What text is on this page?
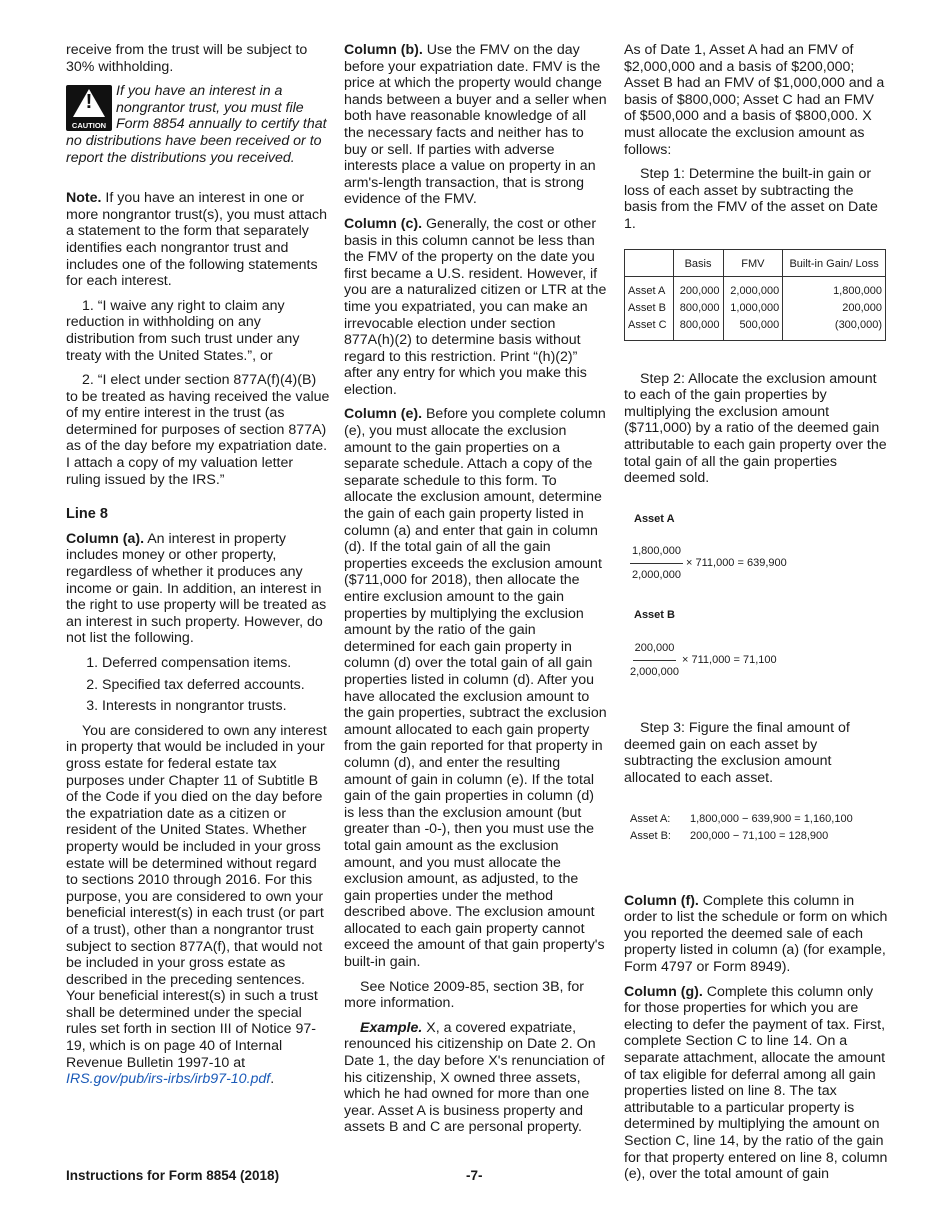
receive from the trust will be subject to 30% withholding.

!
CAUTION
If you have an interest in a nongrantor trust, you must file Form 8854 annually to certify that no distributions have been received or to report the distributions you received.

Note. If you have an interest in one or more nongrantor trust(s), you must attach a statement to the form that separately identifies each nongrantor trust and includes one of the following statements for each interest.

1. “I waive any right to claim any reduction in withholding on any distribution from such trust under any treaty with the United States.”, or

2. “I elect under section 877A(f)(4)(B) to be treated as having received the value of my entire interest in the trust (as determined for purposes of section 877A) as of the day before my expatriation date. I attach a copy of my valuation letter ruling issued by the IRS.”

Line 8

Column (a). An interest in property includes money or other property, regardless of whether it produces any income or gain. In addition, an interest in the right to use property will be treated as an interest in such property. However, do not list the following.

1. Deferred compensation items.
2. Specified tax deferred accounts.
3. Interests in nongrantor trusts.

You are considered to own any interest in property that would be included in your gross estate for federal estate tax purposes under Chapter 11 of Subtitle B of the Code if you died on the day before the expatriation date as a citizen or resident of the United States. Whether property would be included in your gross estate will be determined without regard to sections 2010 through 2016. For this purpose, you are considered to own your beneficial interest(s) in each trust (or part of a trust), other than a nongrantor trust subject to section 877A(f), that would not be included in your gross estate as described in the preceding sentences. Your beneficial interest(s) in such a trust shall be determined under the special rules set forth in section III of Notice 97-19, which is on page 40 of Internal Revenue Bulletin 1997-10 at IRS.gov/pub/irs-irbs/irb97-10.pdf.

Column (b). Use the FMV on the day before your expatriation date. FMV is the price at which the property would change hands between a buyer and a seller when both have reasonable knowledge of all the necessary facts and neither has to buy or sell. If parties with adverse interests place a value on property in an arm's-length transaction, that is strong evidence of the FMV.

Column (c). Generally, the cost or other basis in this column cannot be less than the FMV of the property on the date you first became a U.S. resident. However, if you are a naturalized citizen or LTR at the time you expatriated, you can make an irrevocable election under section 877A(h)(2) to determine basis without regard to this restriction. Print “(h)(2)” after any entry for which you make this election.

Column (e). Before you complete column (e), you must allocate the exclusion amount to the gain properties on a separate schedule. Attach a copy of the separate schedule to this form. To allocate the exclusion amount, determine the gain of each gain property listed in column (a) and enter that gain in column (d). If the total gain of all the gain properties exceeds the exclusion amount ($711,000 for 2018), then allocate the entire exclusion amount to the gain properties by multiplying the exclusion amount by the ratio of the gain determined for each gain property in column (d) over the total gain of all gain properties listed in column (d). After you have allocated the exclusion amount to the gain properties, subtract the exclusion amount allocated to each gain property from the gain reported for that property in column (d), and enter the resulting amount of gain in column (e). If the total gain of the gain properties in column (d) is less than the exclusion amount (but greater than -0-), then you must use the total gain amount as the exclusion amount, and you must allocate the exclusion amount, as adjusted, to the gain properties under the method described above. The exclusion amount allocated to each gain property cannot exceed the amount of that gain property's built-in gain.

See Notice 2009-85, section 3B, for more information.

Example. X, a covered expatriate, renounced his citizenship on Date 2. On Date 1, the day before X's renunciation of his citizenship, X owned three assets, which he had owned for more than one year. Asset A is business property and assets B and C are personal property.

As of Date 1, Asset A had an FMV of $2,000,000 and a basis of $200,000; Asset B had an FMV of $1,000,000 and a basis of $800,000; Asset C had an FMV of $500,000 and a basis of $800,000. X must allocate the exclusion amount as follows:

Step 1: Determine the built-in gain or loss of each asset by subtracting the basis from the FMV of the asset on Date 1.

	Basis	FMV	Built-in Gain/ Loss
Asset A	200,000	2,000,000	1,800,000
Asset B	800,000	1,000,000	200,000
Asset C	800,000	500,000	(300,000)

Step 2: Allocate the exclusion amount to each of the gain properties by multiplying the exclusion amount ($711,000) by a ratio of the deemed gain attributable to each gain property over the total gain of all the gain properties deemed sold.

Asset A
$\frac{1,800,000}{2,000,000}$
× 711,000 = 639,900
Asset B
$\frac{200,000}{2,000,000}$
× 711,000 = 71,100

Step 3: Figure the final amount of deemed gain on each asset by subtracting the exclusion amount allocated to each asset.

Asset A: 1,800,000 − 639,900 = 1,160,100
Asset B: 200,000 − 71,100 = 128,900

Column (f). Complete this column in order to list the schedule or form on which you reported the deemed sale of each property listed in column (a) (for example, Form 4797 or Form 8949).

Column (g). Complete this column only for those properties for which you are electing to defer the payment of tax. First, complete Section C to line 14. On a separate attachment, allocate the amount of tax eligible for deferral among all gain properties listed on line 8. The tax attributable to a particular property is determined by multiplying the amount on Section C, line 14, by the ratio of the gain for that property entered on line 8, column (e), over the total amount of gain

Instructions for Form 8854 (2018)	-7-
